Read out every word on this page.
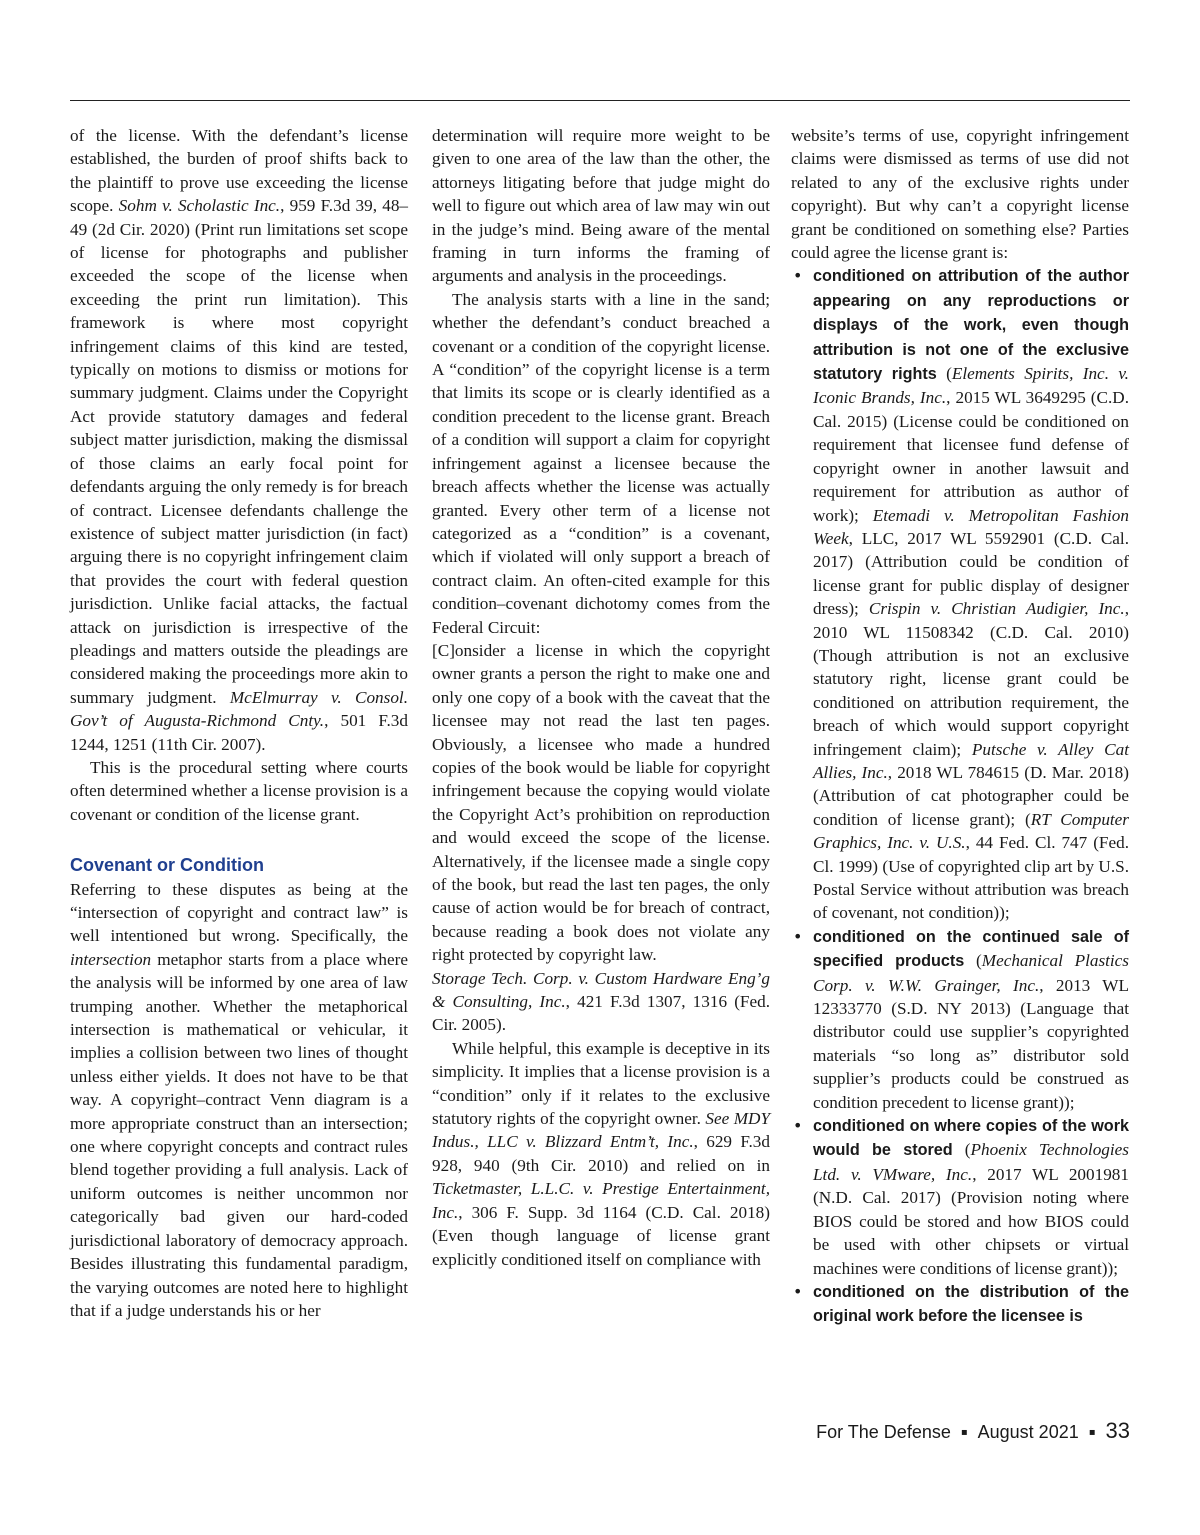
of the license. With the defendant’s license established, the burden of proof shifts back to the plaintiff to prove use exceeding the license scope. Sohm v. Scholastic Inc., 959 F.3d 39, 48–49 (2d Cir. 2020) (Print run limitations set scope of license for photographs and publisher exceeded the scope of the license when exceeding the print run limitation). This framework is where most copyright infringement claims of this kind are tested, typically on motions to dismiss or motions for summary judgment. Claims under the Copyright Act provide statutory damages and federal subject matter jurisdiction, making the dismissal of those claims an early focal point for defendants arguing the only remedy is for breach of contract. Licensee defendants challenge the existence of subject matter jurisdiction (in fact) arguing there is no copyright infringement claim that provides the court with federal question jurisdiction. Unlike facial attacks, the factual attack on jurisdiction is irrespective of the pleadings and matters outside the pleadings are considered making the proceedings more akin to summary judgment. McElmurray v. Consol. Gov’t of Augusta-Richmond Cnty., 501 F.3d 1244, 1251 (11th Cir. 2007).

This is the procedural setting where courts often determined whether a license provision is a covenant or condition of the license grant.

Covenant or Condition

Referring to these disputes as being at the “intersection of copyright and contract law” is well intentioned but wrong. Specifically, the intersection metaphor starts from a place where the analysis will be informed by one area of law trumping another. Whether the metaphorical intersection is mathematical or vehicular, it implies a collision between two lines of thought unless either yields. It does not have to be that way. A copyright–contract Venn diagram is a more appropriate construct than an intersection; one where copyright concepts and contract rules blend together providing a full analysis. Lack of uniform outcomes is neither uncommon nor categorically bad given our hard-coded jurisdictional laboratory of democracy approach. Besides illustrating this fundamental paradigm, the varying outcomes are noted here to highlight that if a judge understands his or her

determination will require more weight to be given to one area of the law than the other, the attorneys litigating before that judge might do well to figure out which area of law may win out in the judge’s mind. Being aware of the mental framing in turn informs the framing of arguments and analysis in the proceedings.

The analysis starts with a line in the sand; whether the defendant’s conduct breached a covenant or a condition of the copyright license. A “condition” of the copyright license is a term that limits its scope or is clearly identified as a condition precedent to the license grant. Breach of a condition will support a claim for copyright infringement against a licensee because the breach affects whether the license was actually granted. Every other term of a license not categorized as a “condition” is a covenant, which if violated will only support a breach of contract claim. An often-cited example for this condition–covenant dichotomy comes from the Federal Circuit:

[C]onsider a license in which the copyright owner grants a person the right to make one and only one copy of a book with the caveat that the licensee may not read the last ten pages. Obviously, a licensee who made a hundred copies of the book would be liable for copyright infringement because the copying would violate the Copyright Act’s prohibition on reproduction and would exceed the scope of the license. Alternatively, if the licensee made a single copy of the book, but read the last ten pages, the only cause of action would be for breach of contract, because reading a book does not violate any right protected by copyright law.

Storage Tech. Corp. v. Custom Hardware Eng’g & Consulting, Inc., 421 F.3d 1307, 1316 (Fed. Cir. 2005).

While helpful, this example is deceptive in its simplicity. It implies that a license provision is a “condition” only if it relates to the exclusive statutory rights of the copyright owner. See MDY Indus., LLC v. Blizzard Entm’t, Inc., 629 F.3d 928, 940 (9th Cir. 2010) and relied on in Ticketmaster, L.L.C. v. Prestige Entertainment, Inc., 306 F. Supp. 3d 1164 (C.D. Cal. 2018) (Even though language of license grant explicitly conditioned itself on compliance with

website’s terms of use, copyright infringement claims were dismissed as terms of use did not related to any of the exclusive rights under copyright). But why can’t a copyright license grant be conditioned on something else? Parties could agree the license grant is:

• conditioned on attribution of the author appearing on any reproductions or displays of the work, even though attribution is not one of the exclusive statutory rights (Elements Spirits, Inc. v. Iconic Brands, Inc., 2015 WL 3649295 (C.D. Cal. 2015) (License could be conditioned on requirement that licensee fund defense of copyright owner in another lawsuit and requirement for attribution as author of work); Etemadi v. Metropolitan Fashion Week, LLC, 2017 WL 5592901 (C.D. Cal. 2017) (Attribution could be condition of license grant for public display of designer dress); Crispin v. Christian Audigier, Inc., 2010 WL 11508342 (C.D. Cal. 2010) (Though attribution is not an exclusive statutory right, license grant could be conditioned on attribution requirement, the breach of which would support copyright infringement claim); Putsche v. Alley Cat Allies, Inc., 2018 WL 784615 (D. Mar. 2018) (Attribution of cat photographer could be condition of license grant); (RT Computer Graphics, Inc. v. U.S., 44 Fed. Cl. 747 (Fed. Cl. 1999) (Use of copyrighted clip art by U.S. Postal Service without attribution was breach of covenant, not condition));
• conditioned on the continued sale of specified products (Mechanical Plastics Corp. v. W.W. Grainger, Inc., 2013 WL 12333770 (S.D. NY 2013) (Language that distributor could use supplier’s copyrighted materials “so long as” distributor sold supplier’s products could be construed as condition precedent to license grant));
• conditioned on where copies of the work would be stored (Phoenix Technologies Ltd. v. VMware, Inc., 2017 WL 2001981 (N.D. Cal. 2017) (Provision noting where BIOS could be stored and how BIOS could be used with other chipsets or virtual machines were conditions of license grant));
• conditioned on the distribution of the original work before the licensee is
For The Defense ▪ August 2021 ▪ 33
